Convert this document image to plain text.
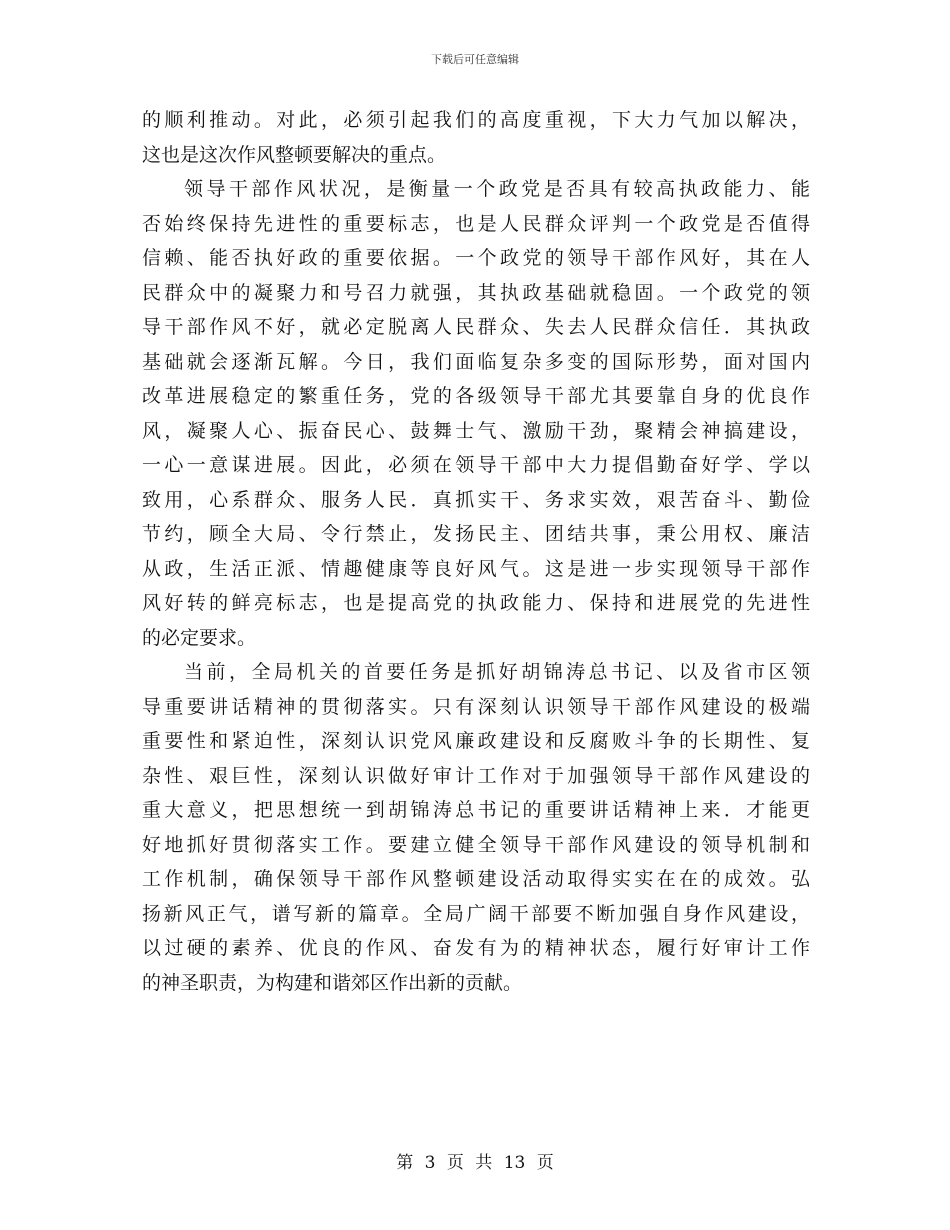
下载后可任意编辑
的顺利推动。对此，必须引起我们的高度重视，下大力气加以解决，
这也是这次作风整顿要解决的重点。
领导干部作风状况，是衡量一个政党是否具有较高执政能力、能
否始终保持先进性的重要标志，也是人民群众评判一个政党是否值得
信赖、能否执好政的重要依据。一个政党的领导干部作风好，其在人
民群众中的凝聚力和号召力就强，其执政基础就稳固。一个政党的领
导干部作风不好，就必定脱离人民群众、失去人民群众信任．其执政
基础就会逐渐瓦解。今日，我们面临复杂多变的国际形势，面对国内
改革进展稳定的繁重任务，党的各级领导干部尤其要靠自身的优良作
风，凝聚人心、振奋民心、鼓舞士气、激励干劲，聚精会神搞建设，
一心一意谋进展。因此，必须在领导干部中大力提倡勤奋好学、学以
致用，心系群众、服务人民．真抓实干、务求实效，艰苦奋斗、勤俭
节约，顾全大局、令行禁止，发扬民主、团结共事，秉公用权、廉洁
从政，生活正派、情趣健康等良好风气。这是进一步实现领导干部作
风好转的鲜亮标志，也是提高党的执政能力、保持和进展党的先进性
的必定要求。
当前，全局机关的首要任务是抓好胡锦涛总书记、以及省市区领
导重要讲话精神的贯彻落实。只有深刻认识领导干部作风建设的极端
重要性和紧迫性，深刻认识党风廉政建设和反腐败斗争的长期性、复
杂性、艰巨性，深刻认识做好审计工作对于加强领导干部作风建设的
重大意义，把思想统一到胡锦涛总书记的重要讲话精神上来．才能更
好地抓好贯彻落实工作。要建立健全领导干部作风建设的领导机制和
工作机制，确保领导干部作风整顿建设活动取得实实在在的成效。弘
扬新风正气，谱写新的篇章。全局广阔干部要不断加强自身作风建设，
以过硬的素养、优良的作风、奋发有为的精神状态，履行好审计工作
的神圣职责，为构建和谐郊区作出新的贡献。
第 3 页 共 13 页
